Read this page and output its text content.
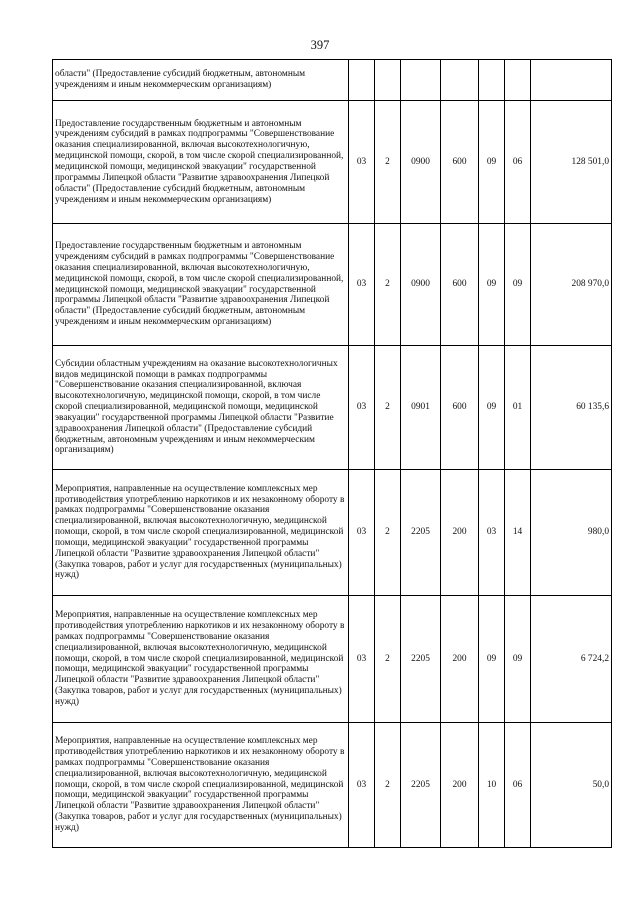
397
области" (Предоставление субсидий бюджетным, автономным учреждениям и иным некоммерческим организациям)							
Предоставление государственным бюджетным и автономным учреждениям субсидий в рамках подпрограммы "Совершенствование оказания специализированной, включая высокотехнологичную, медицинской помощи, скорой, в том числе скорой специализированной, медицинской помощи, медицинской эвакуации" государственной программы Липецкой области "Развитие здравоохранения Липецкой области" (Предоставление субсидий бюджетным, автономным учреждениям и иным некоммерческим организациям)	03	2	0900	600	09	06	128 501,0
Предоставление государственным бюджетным и автономным учреждениям субсидий в рамках подпрограммы "Совершенствование оказания специализированной, включая высокотехнологичную, медицинской помощи, скорой, в том числе скорой специализированной, медицинской помощи, медицинской эвакуации" государственной программы Липецкой области "Развитие здравоохранения Липецкой области" (Предоставление субсидий бюджетным, автономным учреждениям и иным некоммерческим организациям)	03	2	0900	600	09	09	208 970,0
Субсидии областным учреждениям на оказание высокотехнологичных видов медицинской помощи в рамках подпрограммы "Совершенствование оказания специализированной, включая высокотехнологичную, медицинской помощи, скорой, в том числе скорой специализированной, медицинской помощи, медицинской эвакуации" государственной программы Липецкой области "Развитие здравоохранения Липецкой области" (Предоставление субсидий бюджетным, автономным учреждениям и иным некоммерческим организациям)	03	2	0901	600	09	01	60 135,6
Мероприятия, направленные на осуществление комплексных мер противодействия употреблению наркотиков и их незаконному обороту в рамках подпрограммы "Совершенствование оказания специализированной, включая высокотехнологичную, медицинской помощи, скорой, в том числе скорой специализированной, медицинской помощи, медицинской эвакуации" государственной программы Липецкой области "Развитие здравоохранения Липецкой области" (Закупка товаров, работ и услуг для государственных (муниципальных) нужд)	03	2	2205	200	03	14	980,0
Мероприятия, направленные на осуществление комплексных мер противодействия употреблению наркотиков и их незаконному обороту в рамках подпрограммы "Совершенствование оказания специализированной, включая высокотехнологичную, медицинской помощи, скорой, в том числе скорой специализированной, медицинской помощи, медицинской эвакуации" государственной программы Липецкой области "Развитие здравоохранения Липецкой области" (Закупка товаров, работ и услуг для государственных (муниципальных) нужд)	03	2	2205	200	09	09	6 724,2
Мероприятия, направленные на осуществление комплексных мер противодействия употреблению наркотиков и их незаконному обороту в рамках подпрограммы "Совершенствование оказания специализированной, включая высокотехнологичную, медицинской помощи, скорой, в том числе скорой специализированной, медицинской помощи, медицинской эвакуации" государственной программы Липецкой области "Развитие здравоохранения Липецкой области" (Закупка товаров, работ и услуг для государственных (муниципальных) нужд)	03	2	2205	200	10	06	50,0
